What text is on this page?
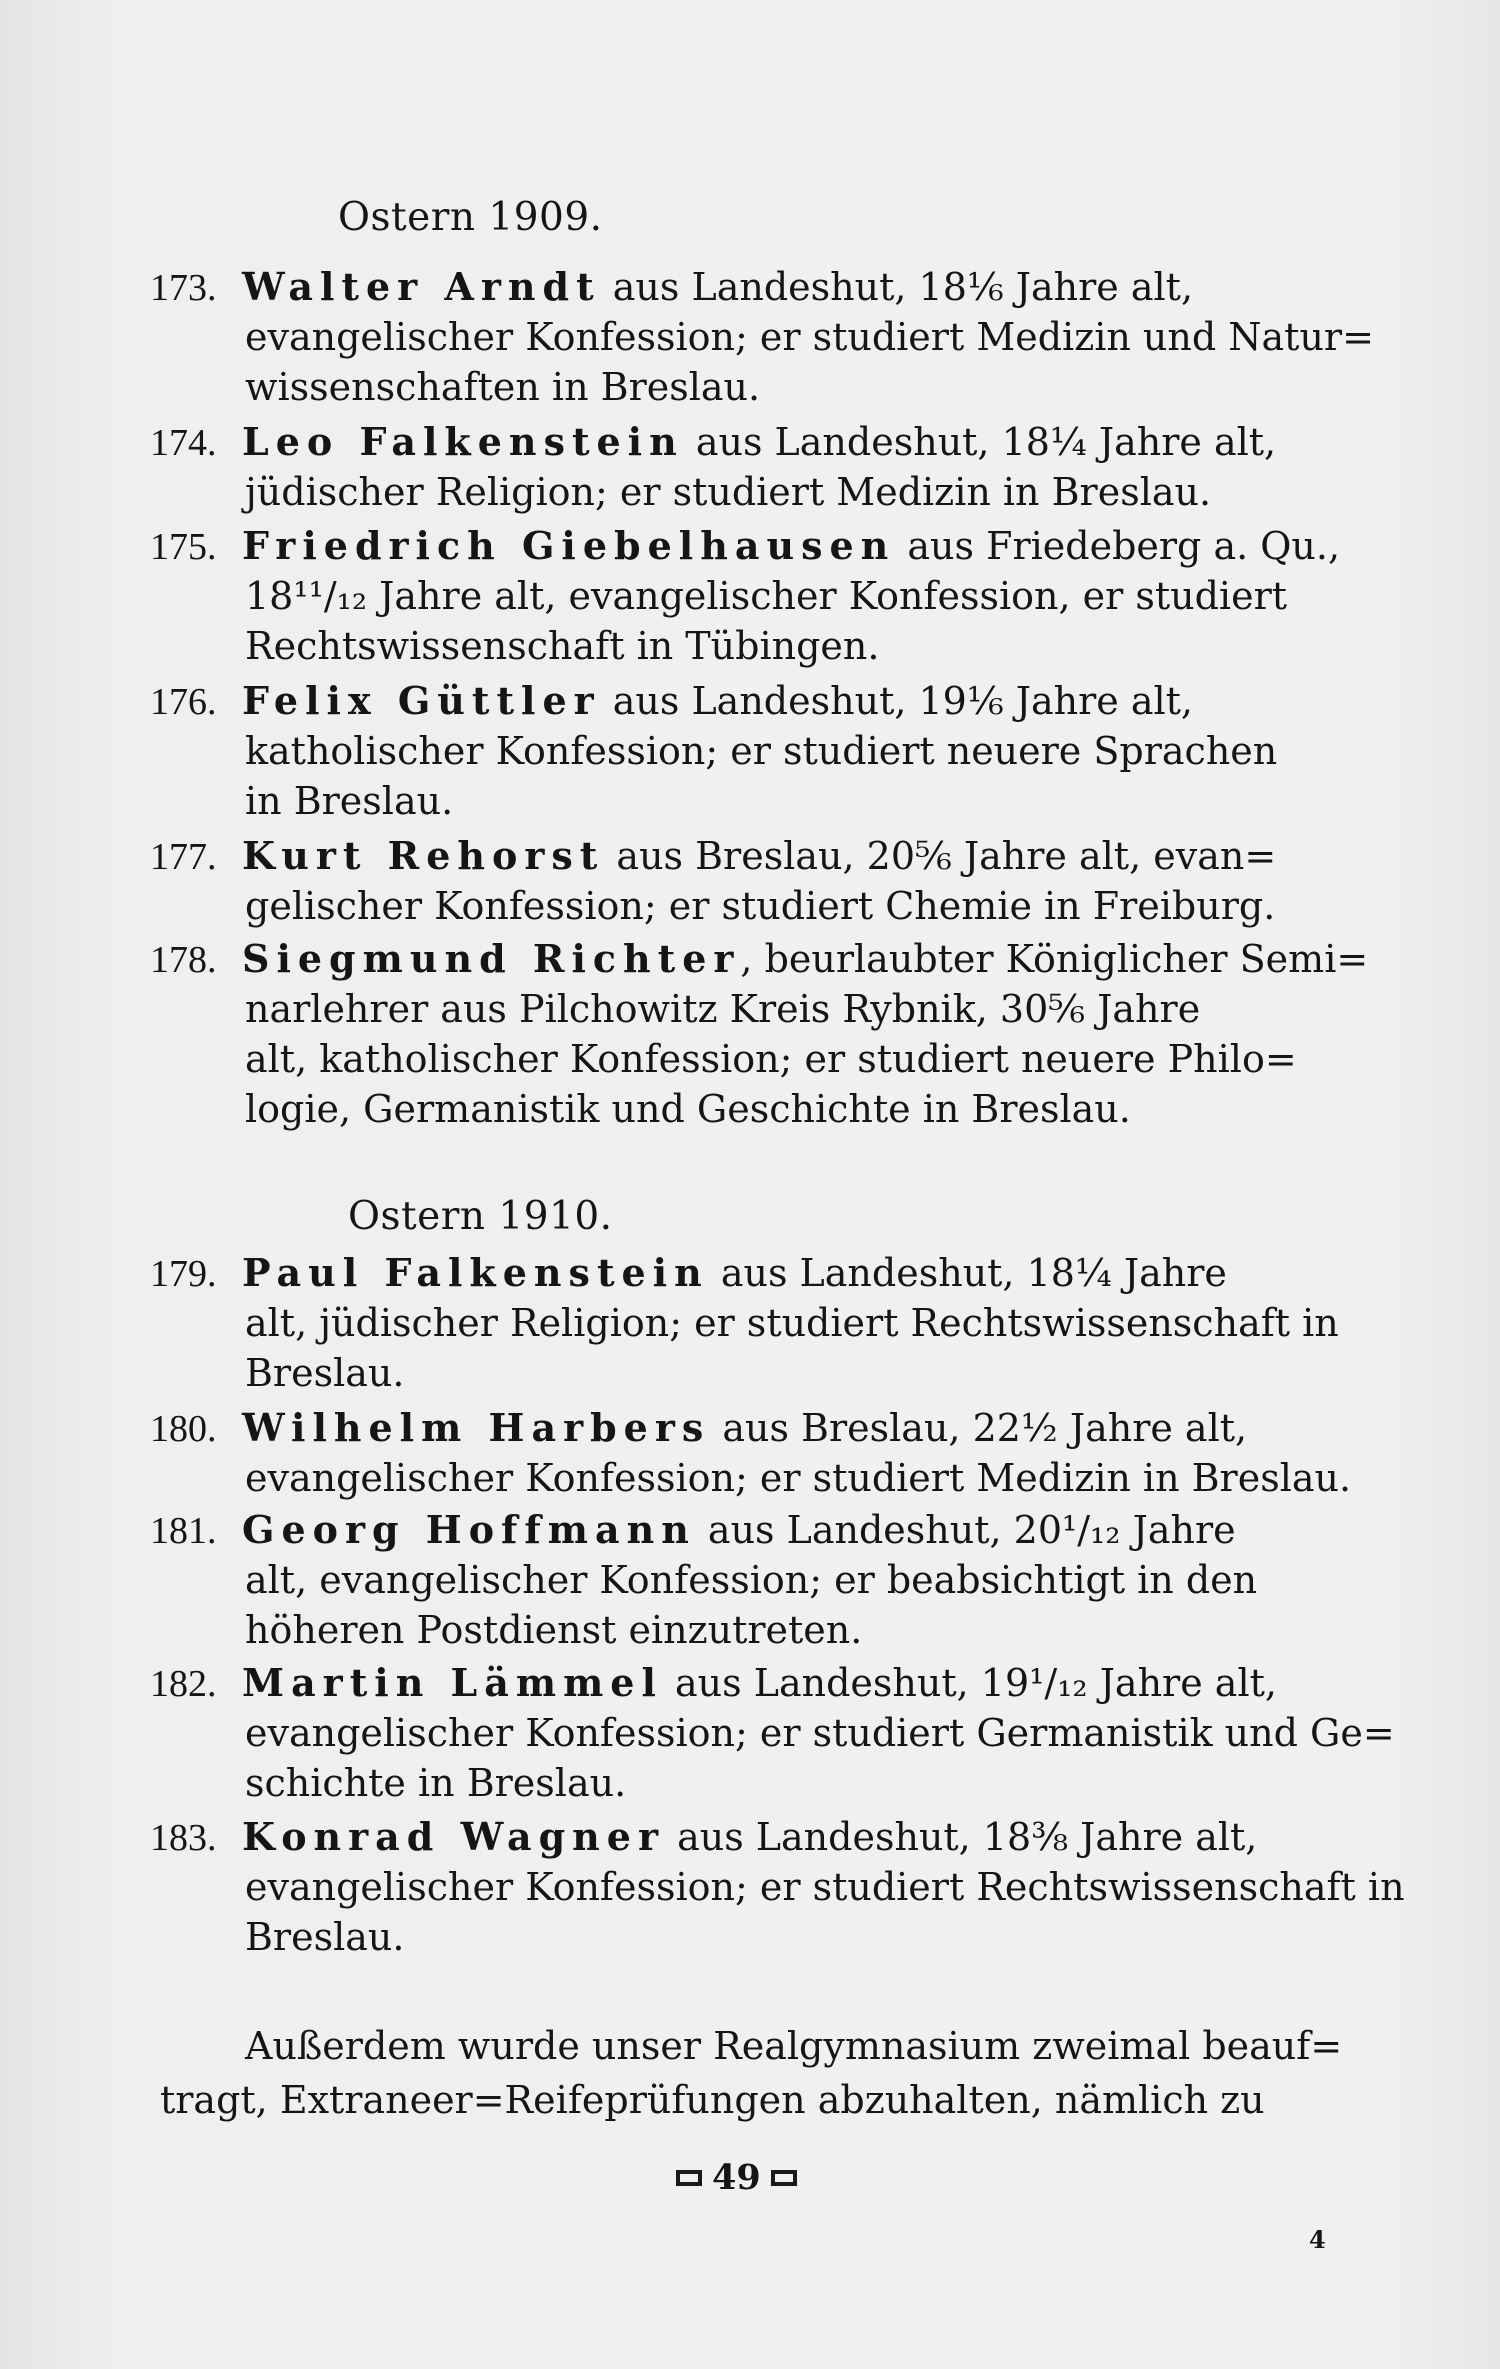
Ostern 1909.
173. Walter Arndt aus Landeshut, 18⅙ Jahre alt,
evangelischer Konfession; er studiert Medizin und Natur=
wissenschaften in Breslau.
174. Leo Falkenstein aus Landeshut, 18¼ Jahre alt,
jüdischer Religion; er studiert Medizin in Breslau.
175. Friedrich Giebelhausen aus Friedeberg a. Qu.,
18¹¹/₁₂ Jahre alt, evangelischer Konfession, er studiert
Rechtswissenschaft in Tübingen.
176. Felix Güttler aus Landeshut, 19⅙ Jahre alt,
katholischer Konfession; er studiert neuere Sprachen
in Breslau.
177. Kurt Rehorst aus Breslau, 20⅚ Jahre alt, evan=
gelischer Konfession; er studiert Chemie in Freiburg.
178. Siegmund Richter, beurlaubter Königlicher Semi=
narlehrer aus Pilchowitz Kreis Rybnik, 30⅚ Jahre
alt, katholischer Konfession; er studiert neuere Philo=
logie, Germanistik und Geschichte in Breslau.
Ostern 1910.
179. Paul Falkenstein aus Landeshut, 18¼ Jahre
alt, jüdischer Religion; er studiert Rechtswissenschaft in
Breslau.
180. Wilhelm Harbers aus Breslau, 22½ Jahre alt,
evangelischer Konfession; er studiert Medizin in Breslau.
181. Georg Hoffmann aus Landeshut, 20¹/₁₂ Jahre
alt, evangelischer Konfession; er beabsichtigt in den
höheren Postdienst einzutreten.
182. Martin Lämmel aus Landeshut, 19¹/₁₂ Jahre alt,
evangelischer Konfession; er studiert Germanistik und Ge=
schichte in Breslau.
183. Konrad Wagner aus Landeshut, 18⅜ Jahre alt,
evangelischer Konfession; er studiert Rechtswissenschaft in
Breslau.
Außerdem wurde unser Realgymnasium zweimal beauf=
tragt, Extraneer=Reifeprüfungen abzuhalten, nämlich zu
49
4
